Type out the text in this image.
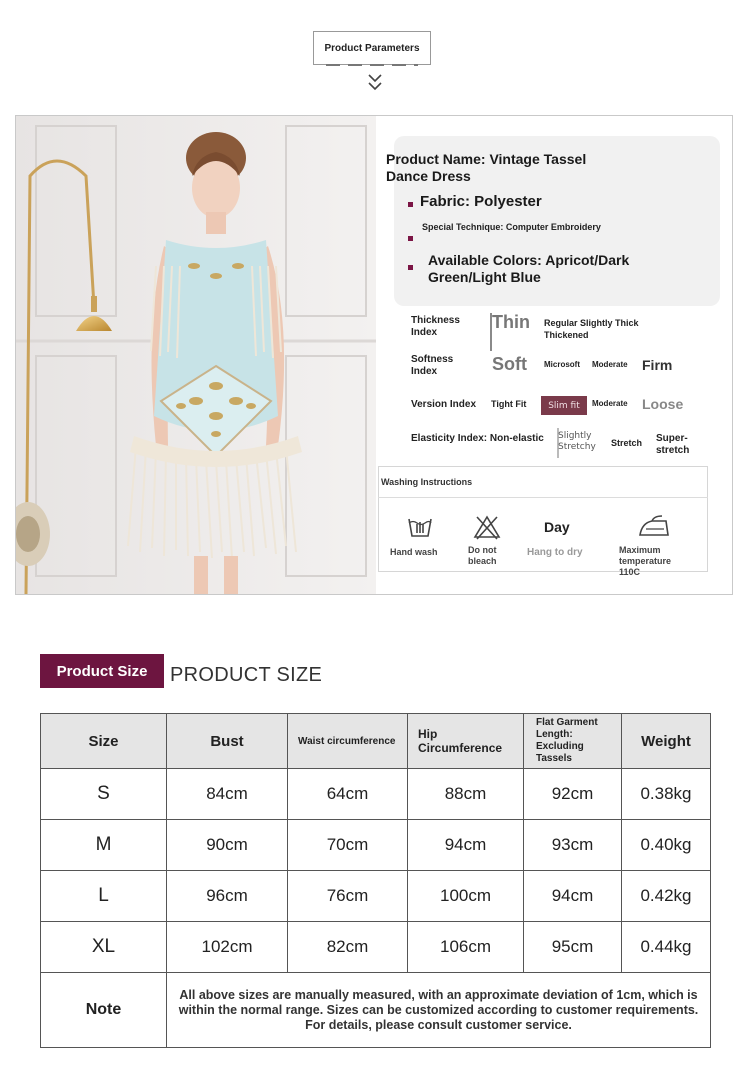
Product Parameters
Product Name: Vintage Tassel Dance Dress
Fabric: Polyester
Special Technique: Computer Embroidery
Available Colors: Apricot/Dark Green/Light Blue
Thickness Index
Thin Regular Slightly Thick Thickened
Softness Index	Soft Microsoft Moderate Firm
Version Index Tight Fit	Slim fit	Moderate Loose
Elasticity Index: Non-elastic Slightly Stretchy	Stretch Super-stretch
Washing Instructions
Hand wash	Do not bleach
Day
Hang to dry	Maximum temperature 110C
Product Size	PRODUCT SIZE
Size	Bust	Waist circumference	Hip Circumference	Flat Garment Length: Excluding Tassels	Weight
S	84cm	64cm	88cm	92cm	0.38kg
M	90cm	70cm	94cm	93cm	0.40kg
L	96cm	76cm	100cm	94cm	0.42kg
XL	102cm	82cm	106cm	95cm	0.44kg
Note	All above sizes are manually measured, with an approximate deviation of 1cm, which is within the normal range. Sizes can be customized according to customer requirements. For details, please consult customer service.				
